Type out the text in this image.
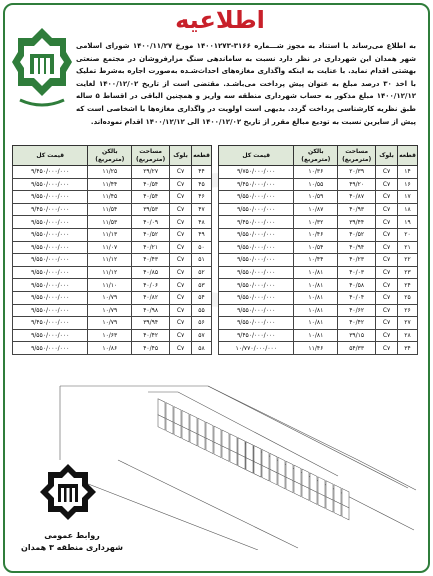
اطلاعیه
به اطلاع می‌رساند با استناد به مجوز شـــماره ۳۱۶۶-۱۴۰۰۱۲۷۳ مورخ ۱۴۰۰/۱۱/۲۷ شورای اسلامی شهر همدان این شهرداری در نظر دارد نسبت به ساماندهی سنگ مزارفروشان در مجتمع صنعتی بهشتی اقدام نماید. با عنایت به اینکه واگذاری مغازه‌های احداث‌شـده به‌صورت اجاره به‌شرط تملیک با اخذ ۳۰ درصد مبلغ به عنوان پیش پرداخت می‌باشـد. مقتضی است از تاریخ ۱۴۰۰/۱۲/۰۲ لغایت ۱۴۰۰/۱۲/۱۲ مبلغ مذکور به حساب شهرداری منطقه سه واریز و همچنین الباقی در اقساط ۵ ساله طبق نظریه کارشناسی پرداخت گردد. بدیهی است اولویت در واگذاری مغازه‌ها با اشخاصی است که پیش از سایرین نسبت به تودیع مبالغ مقرر از تاریخ ۱۴۰۰/۱۲/۰۲ الی ۱۴۰۰/۱۲/۱۲ اقدام نموده‌اند.
قطعه	بلوک	مساحت (مترمربع)	بالکن (مترمربع)	قیمت کل
۱۴	C۷	۲۰/۳۹	۱۰/۳۶	۹/۷۵۰/۰۰۰/۰۰۰
۱۶	C۷	۴۹/۲۰	۱۰/۵۵	۹/۴۵۰/۰۰۰/۰۰۰
۱۷	C۷	۴۰/۸۷	۱۰/۵۹	۹/۵۵۰/۰۰۰/۰۰۰
۱۸	C۷	۴۰/۹۳	۱۰/۸۷	۹/۵۵۰/۰۰۰/۰۰۰
۱۹	C۷	۳۹/۴۴	۱۰/۳۲	۹/۴۵۰/۰۰۰/۰۰۰
۲۰	C۷	۴۰/۵۲	۱۰/۴۶	۹/۵۵۰/۰۰۰/۰۰۰
۲۱	C۷	۴۰/۹۴	۱۰/۵۴	۹/۵۵۰/۰۰۰/۰۰۰
۲۲	C۷	۴۰/۲۳	۱۰/۴۴	۹/۵۵۰/۰۰۰/۰۰۰
۲۳	C۷	۴۰/۰۳	۱۰/۸۱	۹/۵۵۰/۰۰۰/۰۰۰
۲۴	C۷	۴۰/۵۸	۱۰/۸۱	۹/۵۵۰/۰۰۰/۰۰۰
۲۵	C۷	۴۰/۰۴	۱۰/۸۱	۹/۵۵۰/۰۰۰/۰۰۰
۲۶	C۷	۴۰/۶۲	۱۰/۸۱	۹/۵۵۰/۰۰۰/۰۰۰
۲۷	C۷	۴۰/۴۲	۱۰/۸۱	۹/۵۵۰/۰۰۰/۰۰۰
۲۸	C۷	۳۹/۱۵	۱۰/۸۱	۹/۴۵۰/۰۰۰/۰۰۰
۳۴	C۷	۵۴/۳۳	۱۱/۴۶	۱۰/۷۷۰/۰۰۰/۰۰۰
قطعه	بلوک	مساحت (مترمربع)	بالکن (مترمربع)	قیمت کل
۴۴	C۷	۲۹/۲۷	۱۱/۲۵	۹/۴۵۰/۰۰۰/۰۰۰
۴۵	C۷	۴۰/۵۴	۱۱/۴۴	۹/۵۵۰/۰۰۰/۰۰۰
۴۶	C۷	۴۰/۵۴	۱۱/۴۵	۹/۵۵۰/۰۰۰/۰۰۰
۴۷	C۷	۳۹/۵۳	۱۱/۵۴	۹/۴۵۰/۰۰۰/۰۰۰
۴۸	C۷	۴۰/۰۹	۱۱/۵۳	۹/۵۵۰/۰۰۰/۰۰۰
۴۹	C۷	۴۰/۵۲	۱۱/۱۳	۹/۵۵۰/۰۰۰/۰۰۰
۵۰	C۷	۴۰/۲۱	۱۱/۰۷	۹/۵۵۰/۰۰۰/۰۰۰
۵۱	C۷	۴۰/۴۳	۱۱/۱۲	۹/۵۵۰/۰۰۰/۰۰۰
۵۲	C۷	۴۰/۸۵	۱۱/۱۲	۹/۵۵۰/۰۰۰/۰۰۰
۵۳	C۷	۴۰/۰۶	۱۱/۱۰	۹/۵۵۰/۰۰۰/۰۰۰
۵۴	C۷	۴۰/۸۲	۱۰/۷۹	۹/۵۵۰/۰۰۰/۰۰۰
۵۵	C۷	۴۰/۹۸	۱۰/۷۹	۹/۵۵۰/۰۰۰/۰۰۰
۵۶	C۷	۳۹/۹۴	۱۰/۷۹	۹/۴۵۰/۰۰۰/۰۰۰
۵۷	C۷	۴۰/۴۲	۱۰/۶۳	۹/۵۵۰/۰۰۰/۰۰۰
۵۸	C۷	۴۰/۴۵	۱۰/۸۶	۹/۵۵۰/۰۰۰/۰۰۰
روابط عمومی
شهرداری منطقه ۳ همدان
